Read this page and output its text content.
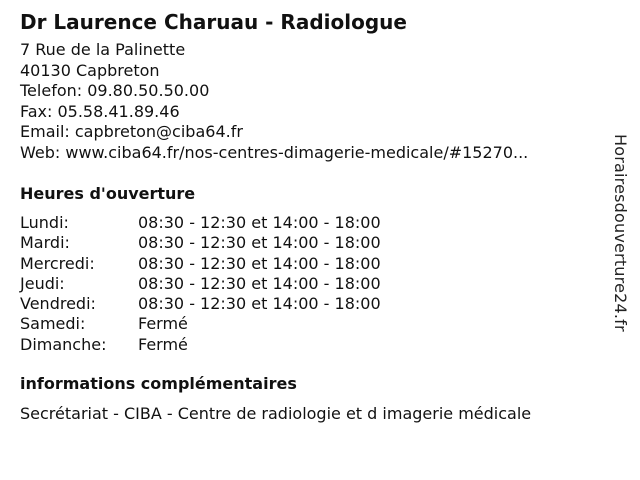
Dr Laurence Charuau - Radiologue
7 Rue de la Palinette
40130 Capbreton
Telefon: 09.80.50.50.00
Fax: 05.58.41.89.46
Email: capbreton@ciba64.fr
Web: www.ciba64.fr/nos-centres-dimagerie-medicale/#15270...
Heures d'ouverture
Lundi:	08:30 - 12:30 et 14:00 - 18:00
Mardi:	08:30 - 12:30 et 14:00 - 18:00
Mercredi:	08:30 - 12:30 et 14:00 - 18:00
Jeudi:	08:30 - 12:30 et 14:00 - 18:00
Vendredi:	08:30 - 12:30 et 14:00 - 18:00
Samedi:	Fermé
Dimanche:	Fermé
informations complémentaires
Secrétariat - CIBA - Centre de radiologie et d imagerie médicale
Horairesdouverture24.fr
